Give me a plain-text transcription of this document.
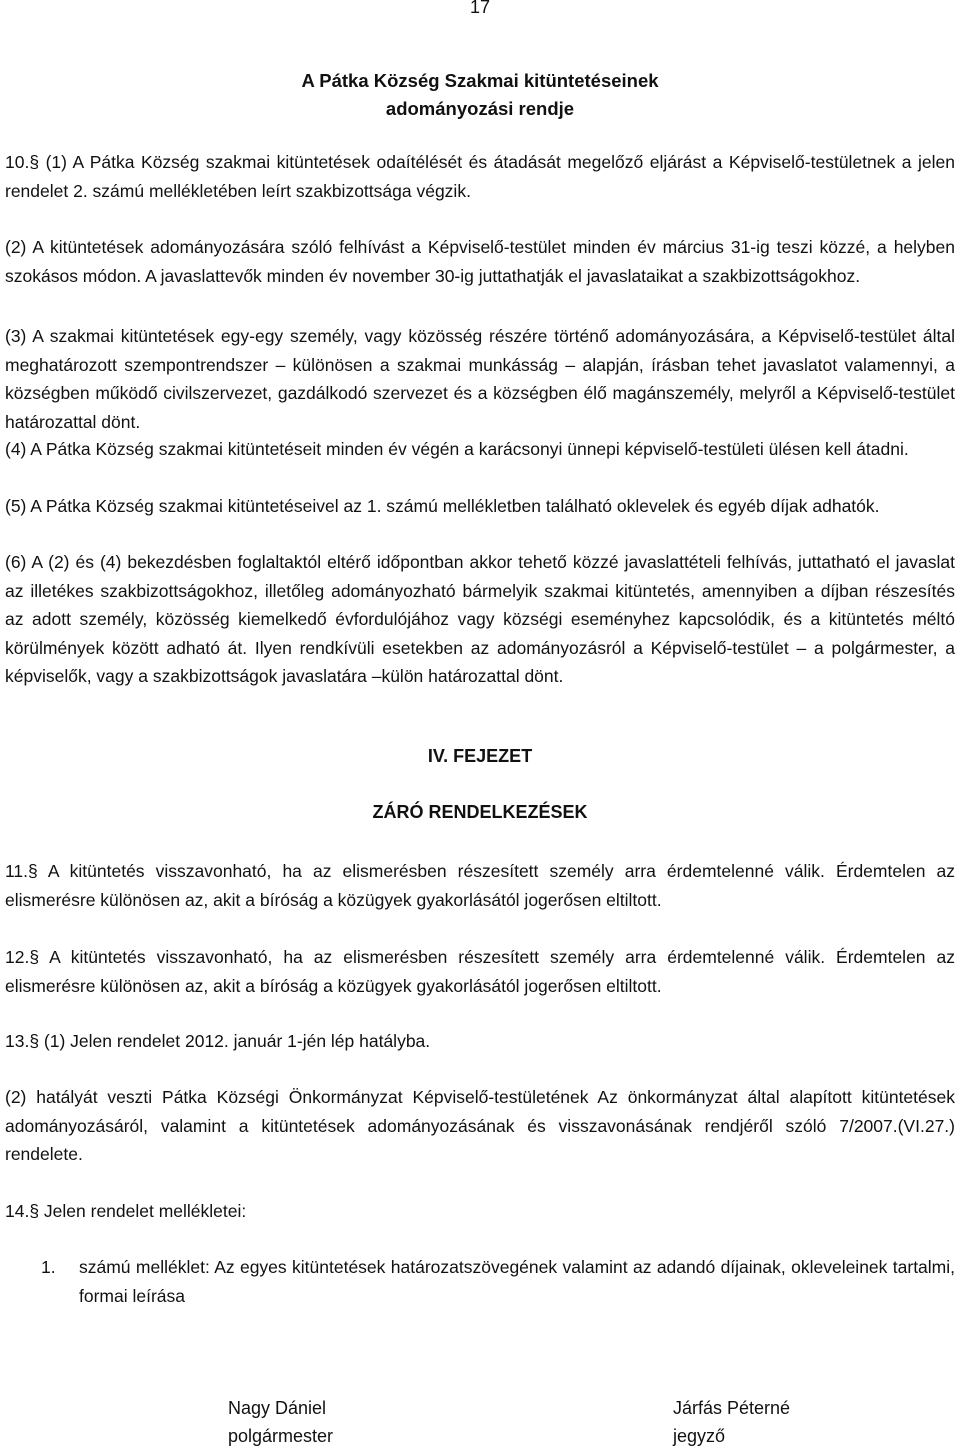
17
A Pátka Község Szakmai kitüntetéseinek
adományozási rendje
10.§ (1) A Pátka Község szakmai kitüntetések odaítélését és átadását megelőző eljárást a Képviselő-testületnek a jelen rendelet 2. számú mellékletében leírt szakbizottsága végzik.
(2) A kitüntetések adományozására szóló felhívást a Képviselő-testület minden év március 31-ig teszi közzé, a helyben szokásos módon. A javaslattevők minden év november 30-ig juttathatják el javaslataikat a szakbizottságokhoz.
(3) A szakmai kitüntetések egy-egy személy, vagy közösség részére történő adományozására, a Képviselő-testület által meghatározott szempontrendszer – különösen a szakmai munkásság – alapján, írásban tehet javaslatot valamennyi, a községben működő civilszervezet, gazdálkodó szervezet és a községben élő magánszemély, melyről a Képviselő-testület határozattal dönt.
(4) A Pátka Község szakmai kitüntetéseit minden év végén a karácsonyi ünnepi képviselő-testületi ülésen kell átadni.
(5) A Pátka Község szakmai kitüntetéseivel az 1. számú mellékletben található oklevelek és egyéb díjak adhatók.
(6) A (2) és (4) bekezdésben foglaltaktól eltérő időpontban akkor tehető közzé javaslattételi felhívás, juttatható el javaslat az illetékes szakbizottságokhoz, illetőleg adományozható bármelyik szakmai kitüntetés, amennyiben a díjban részesítés az adott személy, közösség kiemelkedő évfordulójához vagy községi eseményhez kapcsolódik, és a kitüntetés méltó körülmények között adható át. Ilyen rendkívüli esetekben az adományozásról a Képviselő-testület – a polgármester, a képviselők, vagy a szakbizottságok javaslatára –külön határozattal dönt.
IV. FEJEZET
ZÁRÓ RENDELKEZÉSEK
11.§ A kitüntetés visszavonható, ha az elismerésben részesített személy arra érdemtelenné válik. Érdemtelen az elismerésre különösen az, akit a bíróság a közügyek gyakorlásától jogerősen eltiltott.
12.§ A kitüntetés visszavonható, ha az elismerésben részesített személy arra érdemtelenné válik. Érdemtelen az elismerésre különösen az, akit a bíróság a közügyek gyakorlásától jogerősen eltiltott.
13.§ (1) Jelen rendelet 2012. január 1-jén lép hatályba.
(2) hatályát veszti Pátka Községi Önkormányzat Képviselő-testületének Az önkormányzat által alapított kitüntetések adományozásáról, valamint a kitüntetések adományozásának és visszavonásának rendjéről szóló 7/2007.(VI.27.) rendelete.
14.§ Jelen rendelet mellékletei:
1. számú melléklet: Az egyes kitüntetések határozatszövegének valamint az adandó díjainak, okleveleinek tartalmi, formai leírása
Nagy Dániel
polgármester
Járfás Péterné
jegyző
